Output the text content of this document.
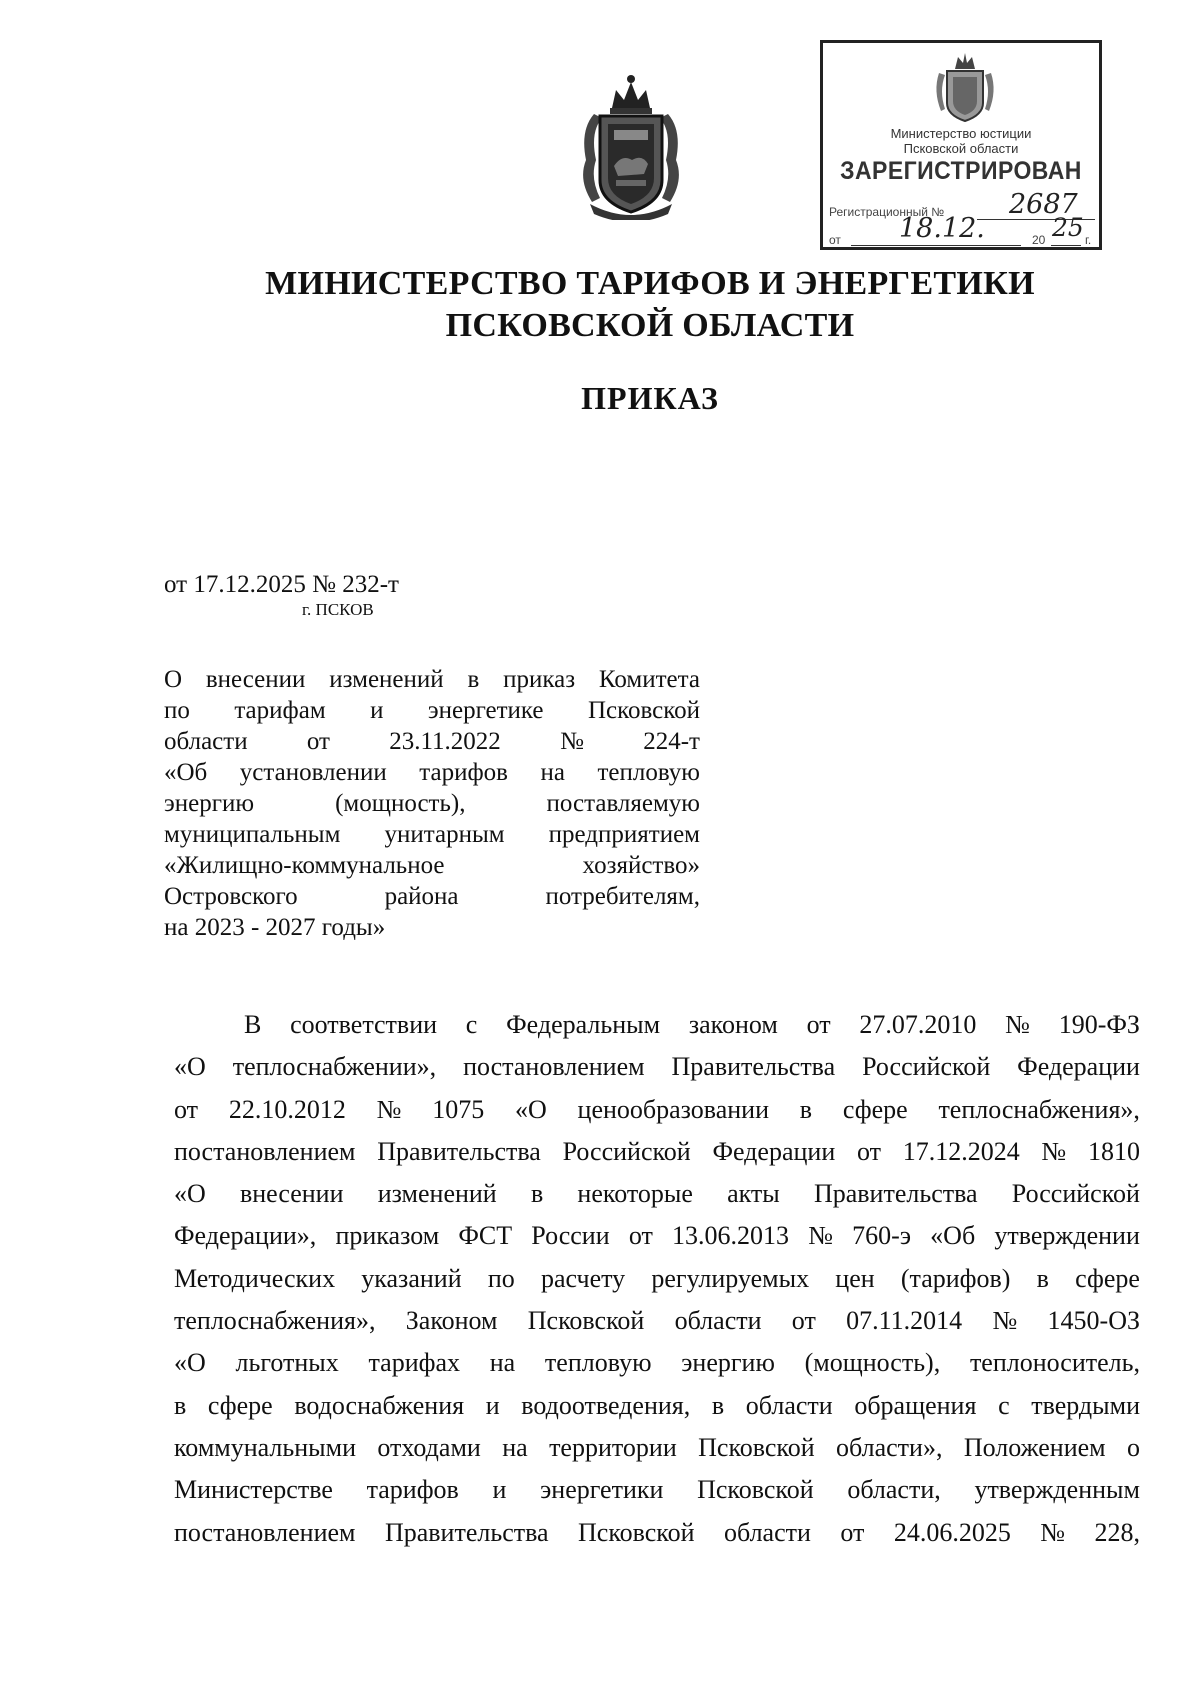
Министерство юстиции
Псковской области
ЗАРЕГИСТРИРОВАН
Регистрационный № 2687
от 18.12.	20 25 г.
МИНИСТЕРСТВО ТАРИФОВ И ЭНЕРГЕТИКИ
ПСКОВСКОЙ ОБЛАСТИ
ПРИКАЗ
от 17.12.2025 № 232-т
г. ПСКОВ
О внесении изменений в приказ Комитета
по тарифам и энергетике Псковской
области от 23.11.2022 № 224-т
«Об установлении тарифов на тепловую
энергию	(мощность),	поставляемую
муниципальным унитарным предприятием
«Жилищно-коммунальное	хозяйство»
Островского	района	потребителям,
на 2023 - 2027 годы»
В соответствии с Федеральным законом от 27.07.2010 № 190-ФЗ
«О теплоснабжении», постановлением Правительства Российской Федерации
от 22.10.2012 № 1075 «О ценообразовании в сфере теплоснабжения»,
постановлением Правительства Российской Федерации от 17.12.2024 № 1810
«О внесении изменений в некоторые акты Правительства Российской
Федерации», приказом ФСТ России от 13.06.2013 № 760-э «Об утверждении
Методических указаний по расчету регулируемых цен (тарифов) в сфере
теплоснабжения», Законом Псковской области от 07.11.2014 № 1450-ОЗ
«О льготных тарифах на тепловую энергию (мощность), теплоноситель,
в сфере водоснабжения и водоотведения, в области обращения с твердыми
коммунальными отходами на территории Псковской области», Положением о
Министерстве тарифов и энергетики Псковской области, утвержденным
постановлением Правительства Псковской области от 24.06.2025 № 228,
